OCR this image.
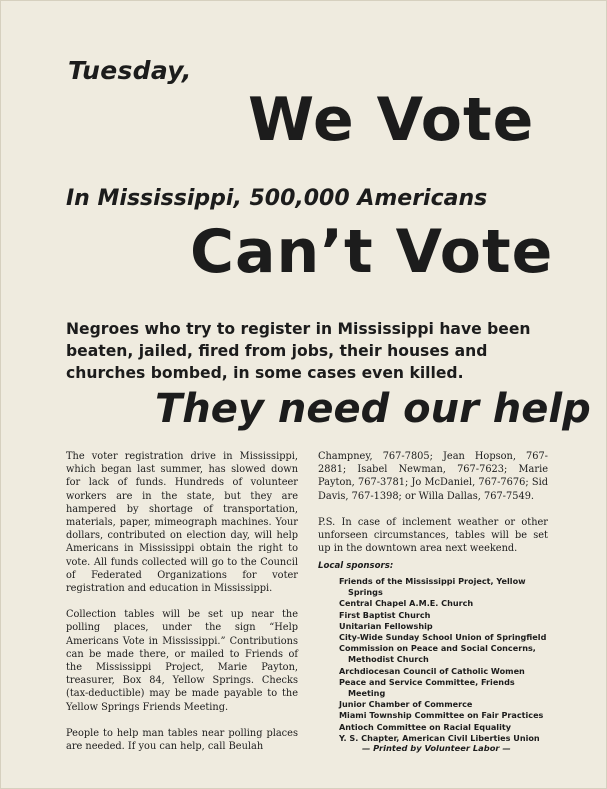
Tuesday,
We Vote
In Mississippi, 500,000 Americans
Can’t Vote
Negroes who try to register in Mississippi have been beaten, jailed, fired from jobs, their houses and churches bombed, in some cases even killed.
They need our help

The voter registration drive in Mississippi, which began last summer, has slowed down for lack of funds. Hundreds of volunteer workers are in the state, but they are hampered by shortage of transportation, materials, paper, mimeograph machines. Your dollars, contributed on election day, will help Americans in Mississippi obtain the right to vote. All funds collected will go to the Council of Federated Organizations for voter registration and education in Mississippi.

Collection tables will be set up near the polling places, under the sign “Help Americans Vote in Mississippi.” Contributions can be made there, or mailed to Friends of the Mississippi Project, Marie Payton, treasurer, Box 84, Yellow Springs. Checks (tax-deductible) may be made payable to the Yellow Springs Friends Meeting.

People to help man tables near polling places are needed. If you can help, call Beulah

Champney, 767-7805; Jean Hopson, 767-2881; Isabel Newman, 767-7623; Marie Payton, 767-3781; Jo McDaniel, 767-7676; Sid Davis, 767-1398; or Willa Dallas, 767-7549.

P.S. In case of inclement weather or other unforseen circumstances, tables will be set up in the downtown area next weekend.

Local sponsors:
Friends of the Mississippi Project, Yellow Springs
Central Chapel A.M.E. Church
First Baptist Church
Unitarian Fellowship
City-Wide Sunday School Union of Springfield
Commission on Peace and Social Concerns, Methodist Church
Archdiocesan Council of Catholic Women
Peace and Service Committee, Friends Meeting
Junior Chamber of Commerce
Miami Township Committee on Fair Practices
Antioch Committee on Racial Equality
Y. S. Chapter, American Civil Liberties Union
— Printed by Volunteer Labor —
